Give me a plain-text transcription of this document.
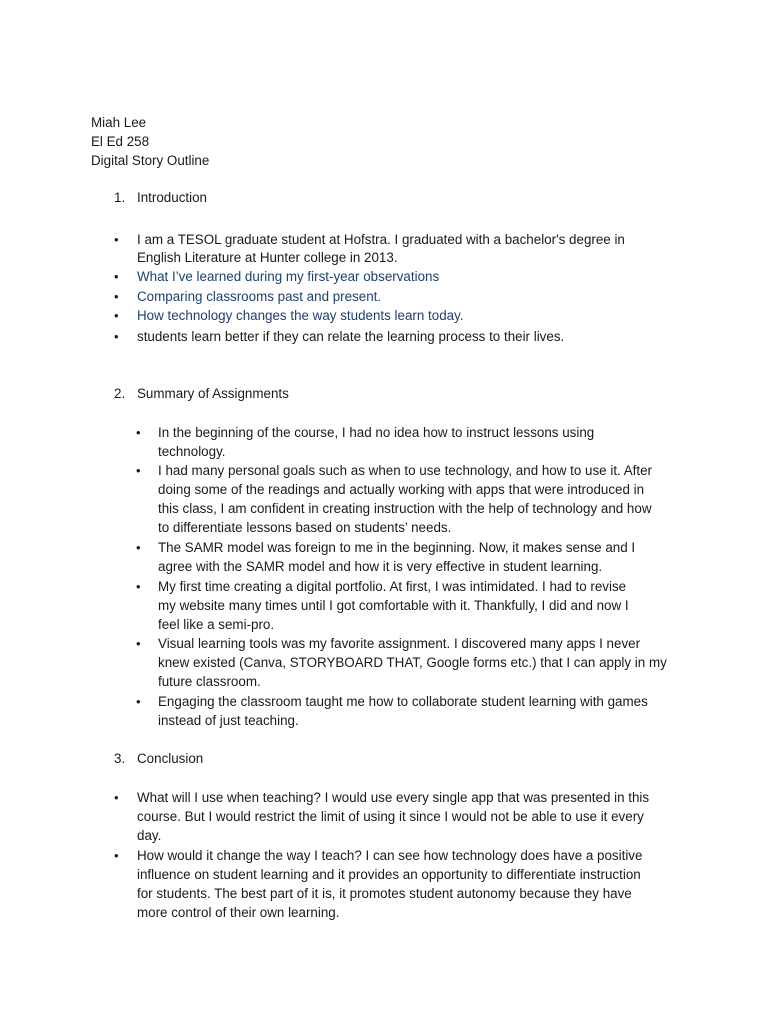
Miah Lee
El Ed 258
Digital Story Outline
1. Introduction
• I am a TESOL graduate student at Hofstra. I graduated with a bachelor's degree in
English Literature at Hunter college in 2013.
• What I’ve learned during my first-year observations
• Comparing classrooms past and present.
• How technology changes the way students learn today.
• students learn better if they can relate the learning process to their lives.
2. Summary of Assignments
• In the beginning of the course, I had no idea how to instruct lessons using
technology.
• I had many personal goals such as when to use technology, and how to use it. After
doing some of the readings and actually working with apps that were introduced in
this class, I am confident in creating instruction with the help of technology and how
to differentiate lessons based on students’ needs.
• The SAMR model was foreign to me in the beginning. Now, it makes sense and I
agree with the SAMR model and how it is very effective in student learning.
• My first time creating a digital portfolio. At first, I was intimidated. I had to revise
my website many times until I got comfortable with it. Thankfully, I did and now I
feel like a semi-pro.
• Visual learning tools was my favorite assignment. I discovered many apps I never
knew existed (Canva, STORYBOARD THAT, Google forms etc.) that I can apply in my
future classroom.
• Engaging the classroom taught me how to collaborate student learning with games
instead of just teaching.
3. Conclusion
• What will I use when teaching? I would use every single app that was presented in this
course. But I would restrict the limit of using it since I would not be able to use it every
day.
• How would it change the way I teach? I can see how technology does have a positive
influence on student learning and it provides an opportunity to differentiate instruction
for students. The best part of it is, it promotes student autonomy because they have
more control of their own learning.
